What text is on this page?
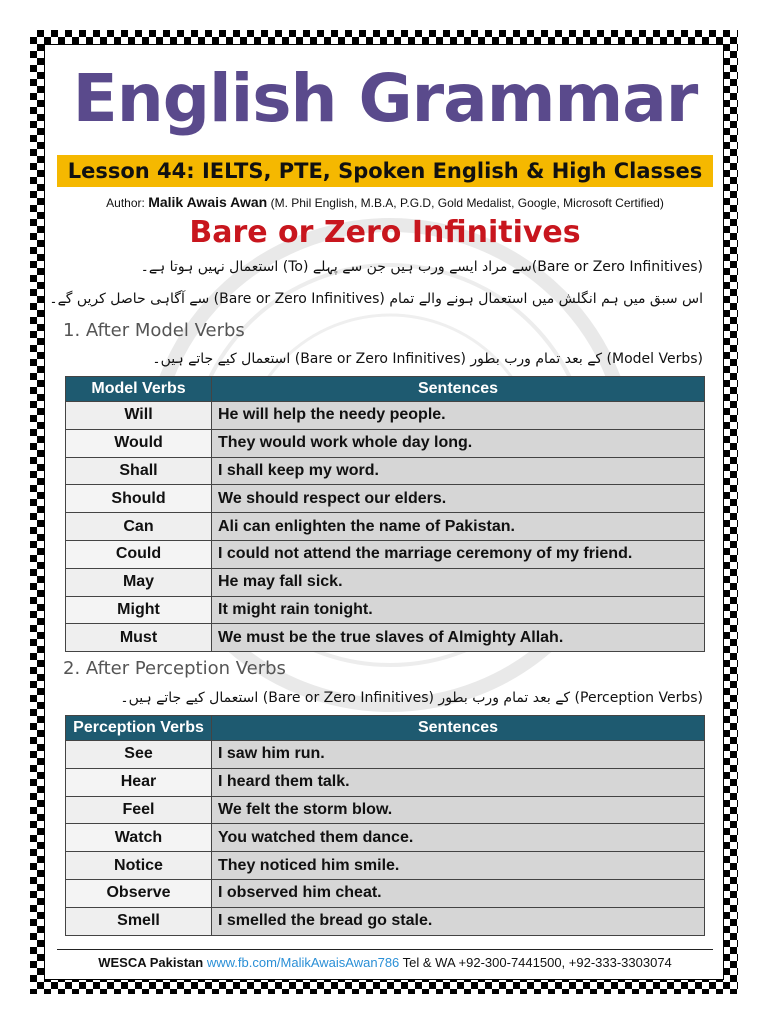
English Grammar
Lesson 44: IELTS, PTE, Spoken English & High Classes
Author: Malik Awais Awan (M. Phil English, M.B.A, P.G.D, Gold Medalist, Google, Microsoft Certified)
Bare or Zero Infinitives
(Bare or Zero Infinitives)سے مراد ایسے ورب ہیں جن سے پہلے (To) استعمال نہیں ہوتا ہے۔
اس سبق میں ہم انگلش میں استعمال ہونے والے تمام (Bare or Zero Infinitives) سے آگاہی حاصل کریں گے۔
1. After Model Verbs
(Model Verbs) کے بعد تمام ورب بطور (Bare or Zero Infinitives) استعمال کیے جاتے ہیں۔
Model Verbs	Sentences
Will	He will help the needy people.
Would	They would work whole day long.
Shall	I shall keep my word.
Should	We should respect our elders.
Can	Ali can enlighten the name of Pakistan.
Could	I could not attend the marriage ceremony of my friend.
May	He may fall sick.
Might	It might rain tonight.
Must	We must be the true slaves of Almighty Allah.
2. After Perception Verbs
(Perception Verbs) کے بعد تمام ورب بطور (Bare or Zero Infinitives) استعمال کیے جاتے ہیں۔
Perception Verbs	Sentences
See	I saw him run.
Hear	I heard them talk.
Feel	We felt the storm blow.
Watch	You watched them dance.
Notice	They noticed him smile.
Observe	I observed him cheat.
Smell	I smelled the bread go stale.
WESCA Pakistan www.fb.com/MalikAwaisAwan786 Tel & WA +92-300-7441500, +92-333-3303074
